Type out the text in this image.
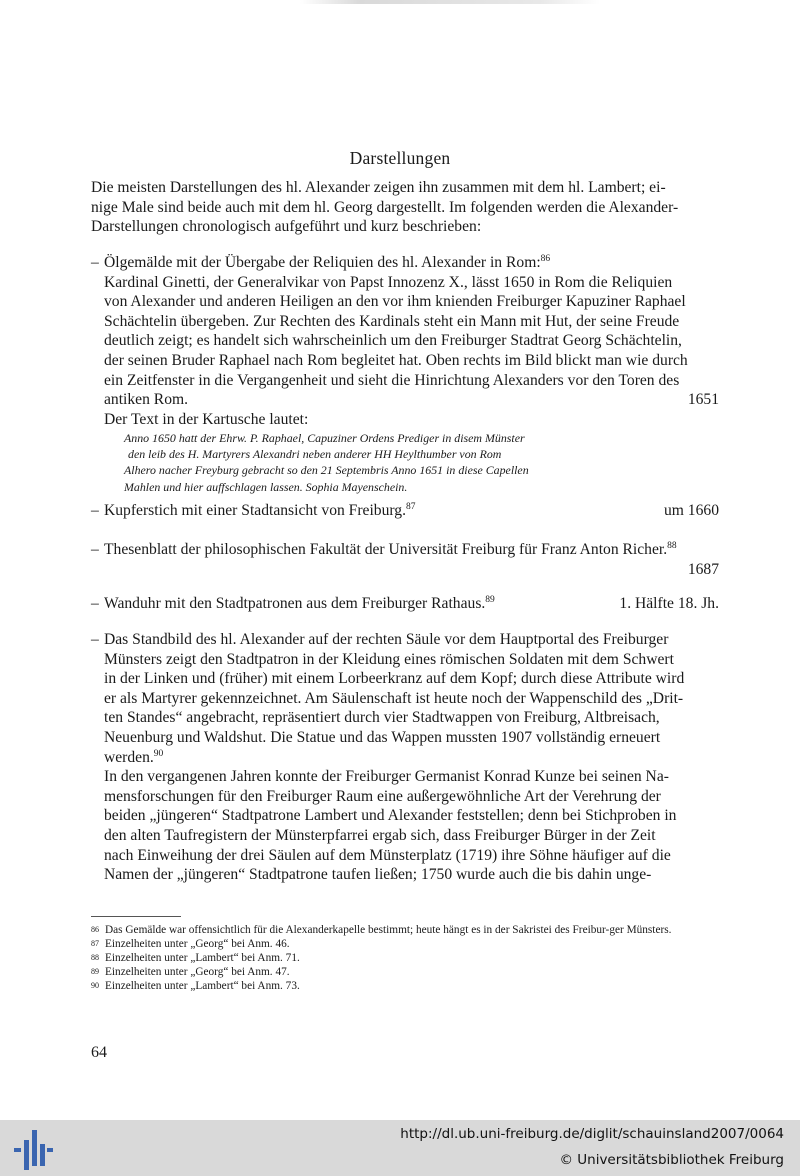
Darstellungen
Die meisten Darstellungen des hl. Alexander zeigen ihn zusammen mit dem hl. Lambert; ei-
nige Male sind beide auch mit dem hl. Georg dargestellt. Im folgenden werden die Alexander-
Darstellungen chronologisch aufgeführt und kurz beschrieben:
– Ölgemälde mit der Übergabe der Reliquien des hl. Alexander in Rom:$^{86}$
Kardinal Ginetti, der Generalvikar von Papst Innozenz X., lässt 1650 in Rom die Reliquien
von Alexander und anderen Heiligen an den vor ihm knienden Freiburger Kapuziner Raphael
Schächtelin übergeben. Zur Rechten des Kardinals steht ein Mann mit Hut, der seine Freude
deutlich zeigt; es handelt sich wahrscheinlich um den Freiburger Stadtrat Georg Schächtelin,
der seinen Bruder Raphael nach Rom begleitet hat. Oben rechts im Bild blickt man wie durch
ein Zeitfenster in die Vergangenheit und sieht die Hinrichtung Alexanders vor den Toren des
antiken Rom.	1651
Der Text in der Kartusche lautet:
Anno 1650 hatt der Ehrw. P. Raphael, Capuziner Ordens Prediger in disem Münster
den leib des H. Martyrers Alexandri neben anderer HH Heylthumber von Rom
Alhero nacher Freyburg gebracht so den 21 Septembris Anno 1651 in diese Capellen
Mahlen und hier auffschlagen lassen. Sophia Mayenschein.
– Kupferstich mit einer Stadtansicht von Freiburg.$^{87}$	um 1660
– Thesenblatt der philosophischen Fakultät der Universität Freiburg für Franz Anton Richer.$^{88}$
1687
– Wanduhr mit den Stadtpatronen aus dem Freiburger Rathaus.$^{89}$	1. Hälfte 18. Jh.
– Das Standbild des hl. Alexander auf der rechten Säule vor dem Hauptportal des Freiburger
Münsters zeigt den Stadtpatron in der Kleidung eines römischen Soldaten mit dem Schwert
in der Linken und (früher) mit einem Lorbeerkranz auf dem Kopf; durch diese Attribute wird
er als Martyrer gekennzeichnet. Am Säulenschaft ist heute noch der Wappenschild des „Drit-
ten Standes“ angebracht, repräsentiert durch vier Stadtwappen von Freiburg, Altbreisach,
Neuenburg und Waldshut. Die Statue und das Wappen mussten 1907 vollständig erneuert
werden.$^{90}$
In den vergangenen Jahren konnte der Freiburger Germanist Konrad Kunze bei seinen Na-
mensforschungen für den Freiburger Raum eine außergewöhnliche Art der Verehrung der
beiden „jüngeren“ Stadtpatrone Lambert und Alexander feststellen; denn bei Stichproben in
den alten Taufregistern der Münsterpfarrei ergab sich, dass Freiburger Bürger in der Zeit
nach Einweihung der drei Säulen auf dem Münsterplatz (1719) ihre Söhne häufiger auf die
Namen der „jüngeren“ Stadtpatrone taufen ließen; 1750 wurde auch die bis dahin unge-
86 Das Gemälde war offensichtlich für die Alexanderkapelle bestimmt; heute hängt es in der Sakristei des Freibur-ger Münsters.
87 Einzelheiten unter „Georg“ bei Anm. 46.
88 Einzelheiten unter „Lambert“ bei Anm. 71.
89 Einzelheiten unter „Georg“ bei Anm. 47.
90 Einzelheiten unter „Lambert“ bei Anm. 73.
64
http://dl.ub.uni-freiburg.de/diglit/schauinsland2007/0064
© Universitätsbibliothek Freiburg
